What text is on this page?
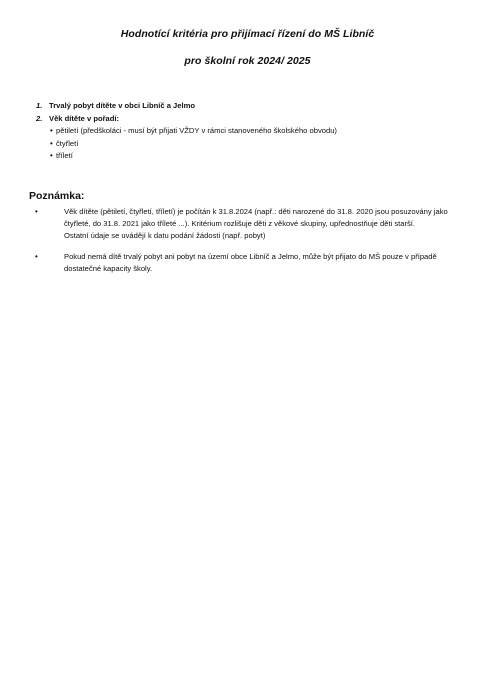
Hodnotící kritéria pro přijímací řízení do MŠ Libníč
pro školní rok 2024/ 2025
1. Trvalý pobyt dítěte v obci Libníč a Jelmo
2. Věk dítěte v pořadí:
• pětiletí (předškoláci - musí být přijati VŽDY v rámci stanoveného školského obvodu)
• čtyřletí
• tříletí
Poznámka:
•	Věk dítěte (pětiletí, čtyřletí, tříletí) je počítán k 31.8.2024 (např.: děti narozené do 31.8. 2020 jsou posuzovány jako čtyřleté, do 31.8. 2021 jako tříleté ...). Kritérium rozlišuje děti z věkové skupiny, upřednostňuje děti starší.
Ostatní údaje se uvádějí k datu podání žádosti (např. pobyt)
•	Pokud nemá dítě trvalý pobyt ani pobyt na území obce Libníč a Jelmo, může být přijato do MŠ pouze v případě dostatečné kapacity školy.
